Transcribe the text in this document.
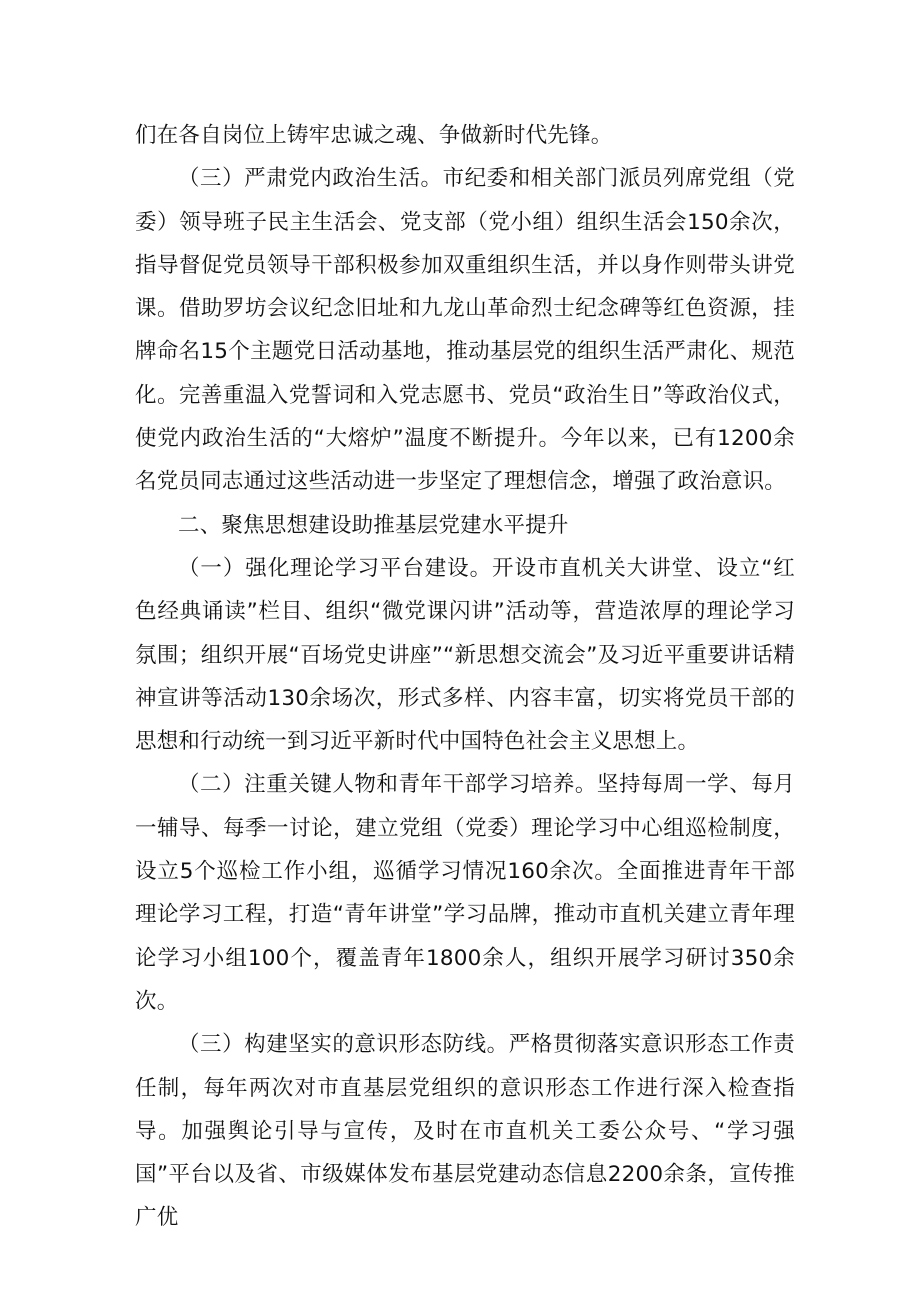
们在各自岗位上铸牢忠诚之魂、争做新时代先锋。

（三）严肃党内政治生活。市纪委和相关部门派员列席党组（党委）领导班子民主生活会、党支部（党小组）组织生活会150余次，指导督促党员领导干部积极参加双重组织生活，并以身作则带头讲党课。借助罗坊会议纪念旧址和九龙山革命烈士纪念碑等红色资源，挂牌命名15个主题党日活动基地，推动基层党的组织生活严肃化、规范化。完善重温入党誓词和入党志愿书、党员“政治生日”等政治仪式，使党内政治生活的“大熔炉”温度不断提升。今年以来，已有1200余名党员同志通过这些活动进一步坚定了理想信念，增强了政治意识。

二、聚焦思想建设助推基层党建水平提升

（一）强化理论学习平台建设。开设市直机关大讲堂、设立“红色经典诵读”栏目、组织“微党课闪讲”活动等，营造浓厚的理论学习氛围；组织开展“百场党史讲座”“新思想交流会”及习近平重要讲话精神宣讲等活动130余场次，形式多样、内容丰富，切实将党员干部的思想和行动统一到习近平新时代中国特色社会主义思想上。

（二）注重关键人物和青年干部学习培养。坚持每周一学、每月一辅导、每季一讨论，建立党组（党委）理论学习中心组巡检制度，设立5个巡检工作小组，巡循学习情况160余次。全面推进青年干部理论学习工程，打造“青年讲堂”学习品牌，推动市直机关建立青年理论学习小组100个，覆盖青年1800余人，组织开展学习研讨350余次。

（三）构建坚实的意识形态防线。严格贯彻落实意识形态工作责任制，每年两次对市直基层党组织的意识形态工作进行深入检查指导。加强舆论引导与宣传，及时在市直机关工委公众号、“学习强国”平台以及省、市级媒体发布基层党建动态信息2200余条，宣传推广优
